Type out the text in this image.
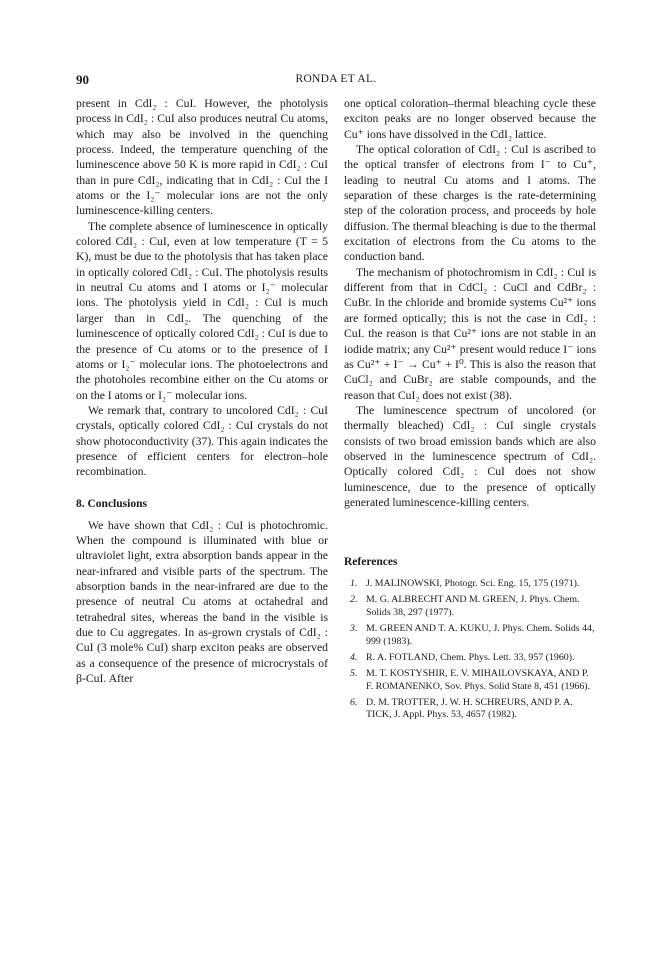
90	RONDA ET AL.

present in CdI₂ : CuI. However, the photolysis process in CdI₂ : CuI also produces neutral Cu atoms, which may also be involved in the quenching process. Indeed, the temperature quenching of the luminescence above 50 K is more rapid in CdI₂ : CuI than in pure CdI₂, indicating that in CdI₂ : CuI the I atoms or the I₂⁻ molecular ions are not the only luminescence-killing centers.

The complete absence of luminescence in optically colored CdI₂ : CuI, even at low temperature (T = 5 K), must be due to the photolysis that has taken place in optically colored CdI₂ : CuI. The photolysis results in neutral Cu atoms and I atoms or I₂⁻ molecular ions. The photolysis yield in CdI₂ : CuI is much larger than in CdI₂. The quenching of the luminescence of optically colored CdI₂ : CuI is due to the presence of Cu atoms or to the presence of I atoms or I₂⁻ molecular ions. The photoelectrons and the photoholes recombine either on the Cu atoms or on the I atoms or I₂⁻ molecular ions.

We remark that, contrary to uncolored CdI₂ : CuI crystals, optically colored CdI₂ : CuI crystals do not show photoconductivity (37). This again indicates the presence of efficient centers for electron–hole recombination.

8. Conclusions

We have shown that CdI₂ : CuI is photochromic. When the compound is illuminated with blue or ultraviolet light, extra absorption bands appear in the near-infrared and visible parts of the spectrum. The absorption bands in the near-infrared are due to the presence of neutral Cu atoms at octahedral and tetrahedral sites, whereas the band in the visible is due to Cu aggregates. In as-grown crystals of CdI₂ : CuI (3 mole% CuI) sharp exciton peaks are observed as a consequence of the presence of microcrystals of β-CuI. After

one optical coloration–thermal bleaching cycle these exciton peaks are no longer observed because the Cu⁺ ions have dissolved in the CdI₂ lattice.

The optical coloration of CdI₂ : CuI is ascribed to the optical transfer of electrons from I⁻ to Cu⁺, leading to neutral Cu atoms and I atoms. The separation of these charges is the rate-determining step of the coloration process, and proceeds by hole diffusion. The thermal bleaching is due to the thermal excitation of electrons from the Cu atoms to the conduction band.

The mechanism of photochromism in CdI₂ : CuI is different from that in CdCl₂ : CuCl and CdBr₂ : CuBr. In the chloride and bromide systems Cu²⁺ ions are formed optically; this is not the case in CdI₂ : CuI. the reason is that Cu²⁺ ions are not stable in an iodide matrix; any Cu²⁺ present would reduce I⁻ ions as Cu²⁺ + I⁻ → Cu⁺ + I⁰. This is also the reason that CuCl₂ and CuBr₂ are stable compounds, and the reason that CuI₂ does not exist (38).

The luminescence spectrum of uncolored (or thermally bleached) CdI₂ : CuI single crystals consists of two broad emission bands which are also observed in the luminescence spectrum of CdI₂. Optically colored CdI₂ : CuI does not show luminescence, due to the presence of optically generated luminescence-killing centers.

References
1. J. MALINOWSKI, Photogr. Sci. Eng. 15, 175 (1971).
2. M. G. ALBRECHT AND M. GREEN, J. Phys. Chem. Solids 38, 297 (1977).
3. M. GREEN AND T. A. KUKU, J. Phys. Chem. Solids 44, 999 (1983).
4. R. A. FOTLAND, Chem. Phys. Lett. 33, 957 (1960).
5. M. T. KOSTYSHIR, E. V. MIHAILOVSKAYA, AND P. F. ROMANENKO, Sov. Phys. Solid State 8, 451 (1966).
6. D. M. TROTTER, J. W. H. SCHREURS, AND P. A. TICK, J. Appl. Phys. 53, 4657 (1982).
